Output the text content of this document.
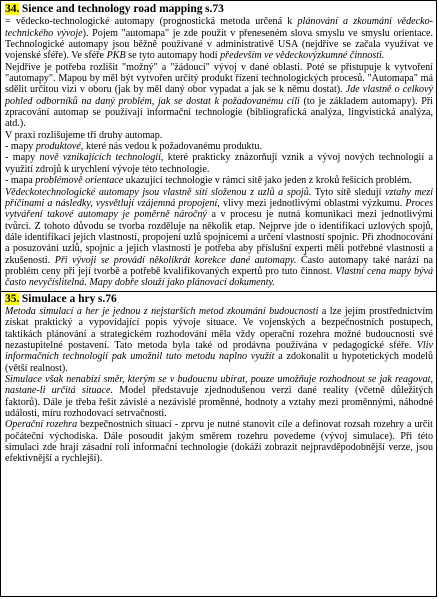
34. Sience and technology road mapping s.73

= vědecko-technologické automapy (prognostická metoda určená k plánování a zkoumání vědecko-technického vývoje). Pojem "automapa" je zde použit v přeneseném slova smyslu ve smyslu orientace. Technologické automapy jsou běžně používané v administrativě USA (nejdříve se začala využívat ve vojenské sféře). Ve sféře PKB se tyto automapy hodí především ve vědeckovýzkumné činnosti.

Nejdříve je potřeba rozlišit "možný" a "žádoucí" vývoj v dané oblasti. Poté se přistupuje k vytvoření "automapy". Mapou by měl být vytvořen určitý produkt řízení technologických procesů. "Automapa" má sdělit určitou vizi v oboru (jak by měl daný obor vypadat a jak se k němu dostat). Jde vlastně o celkový pohled odborníků na daný problém, jak se dostat k požadovanému cíli (to je základem automapy). Při zpracování automap se používají informační technologie (bibliografická analýza, lingvistická analýza, atd.).

V praxi rozlišujeme tři druhy automap.

- mapy produktové, které nás vedou k požadovanému produktu.

- mapy nově vznikajících technologií, které prakticky znázorňují vznik a vývoj nových technologií a využití zdrojů k urychlení vývoje této technologie.

- mapa problémově orientace ukazující technologie v rámci sítě jako jeden z kroků řešících problém.

Vědeckotechnologické automapy jsou vlastně sítí složenou z uzlů a spojů. Tyto sítě sledují vztahy mezi příčinami a následky, vysvětlují vzájemná propojení, vlivy mezi jednotlivými oblastmi výzkumu. Proces vytváření takové automapy je poměrně náročný a v procesu je nutná komunikaci mezi jednotlivými tvůrci. Z tohoto důvodu se tvorba rozděluje na několik etap. Nejprve jde o identifikaci uzlových spojů, dále identifikaci jejich vlastností, propojení uzlů spojnicemi a určení vlastností spojnic. Při zhodnocování a posuzování uzlů, spojnic a jejich vlastností je potřeba aby příslušní experti měli potřebné vlastnosti a zkušenosti. Při vývoji se provádí několikrát korekce dané automapy. Často automapy také narází na problém ceny při její tvorbě a potřebě kvalifikovaných expertů pro tuto činnost. Vlastní cena mapy bývá často nevyčíslitelná. Mapy dobře slouží jako plánovací dokumenty.

35. Simulace a hry s.76

Metoda simulací a her je jednou z nejstarších metod zkoumání budoucnosti a lze jejím prostřednictvím získat praktický a vypovídající popis vývoje situace. Ve vojenských a bezpečnostních postupech, taktikách plánování a strategickém rozhodování měla vždy operační rozehra možné budoucnosti své nezastupitelné postavení. Tato metoda byla také od prodávna používána v pedagogické sféře. Vliv informačních technologií pak umožnil tuto metodu naplno využít a zdokonalit u hypotetických modelů (větší realnost).

Simulace však nenabízí směr, kterým se v budoucnu ubírat, pouze umožňuje rozhodnout se jak reagovat, nastane-li určitá situace. Model představuje zjednodušenou verzi dané reality (včetně důležitých faktorů). Dále je třeba řešit závislé a nezávislé proměnné, hodnoty a vztahy mezi proměnnými, náhodné události, míru rozhodovací setrvačnosti.

Operační rozehra bezpečnostních situací - zprvu je nutné stanovit cíle a definovat rozsah rozehry a určit počáteční východiska. Dále posoudit jakým směrem rozehru povedeme (vývoj simulace). Při této simulaci zde hrají zásadní roli informační technologie (dokáží zobrazit nejpravděpodobnější verze, jsou efektivnější a rychlejší).
